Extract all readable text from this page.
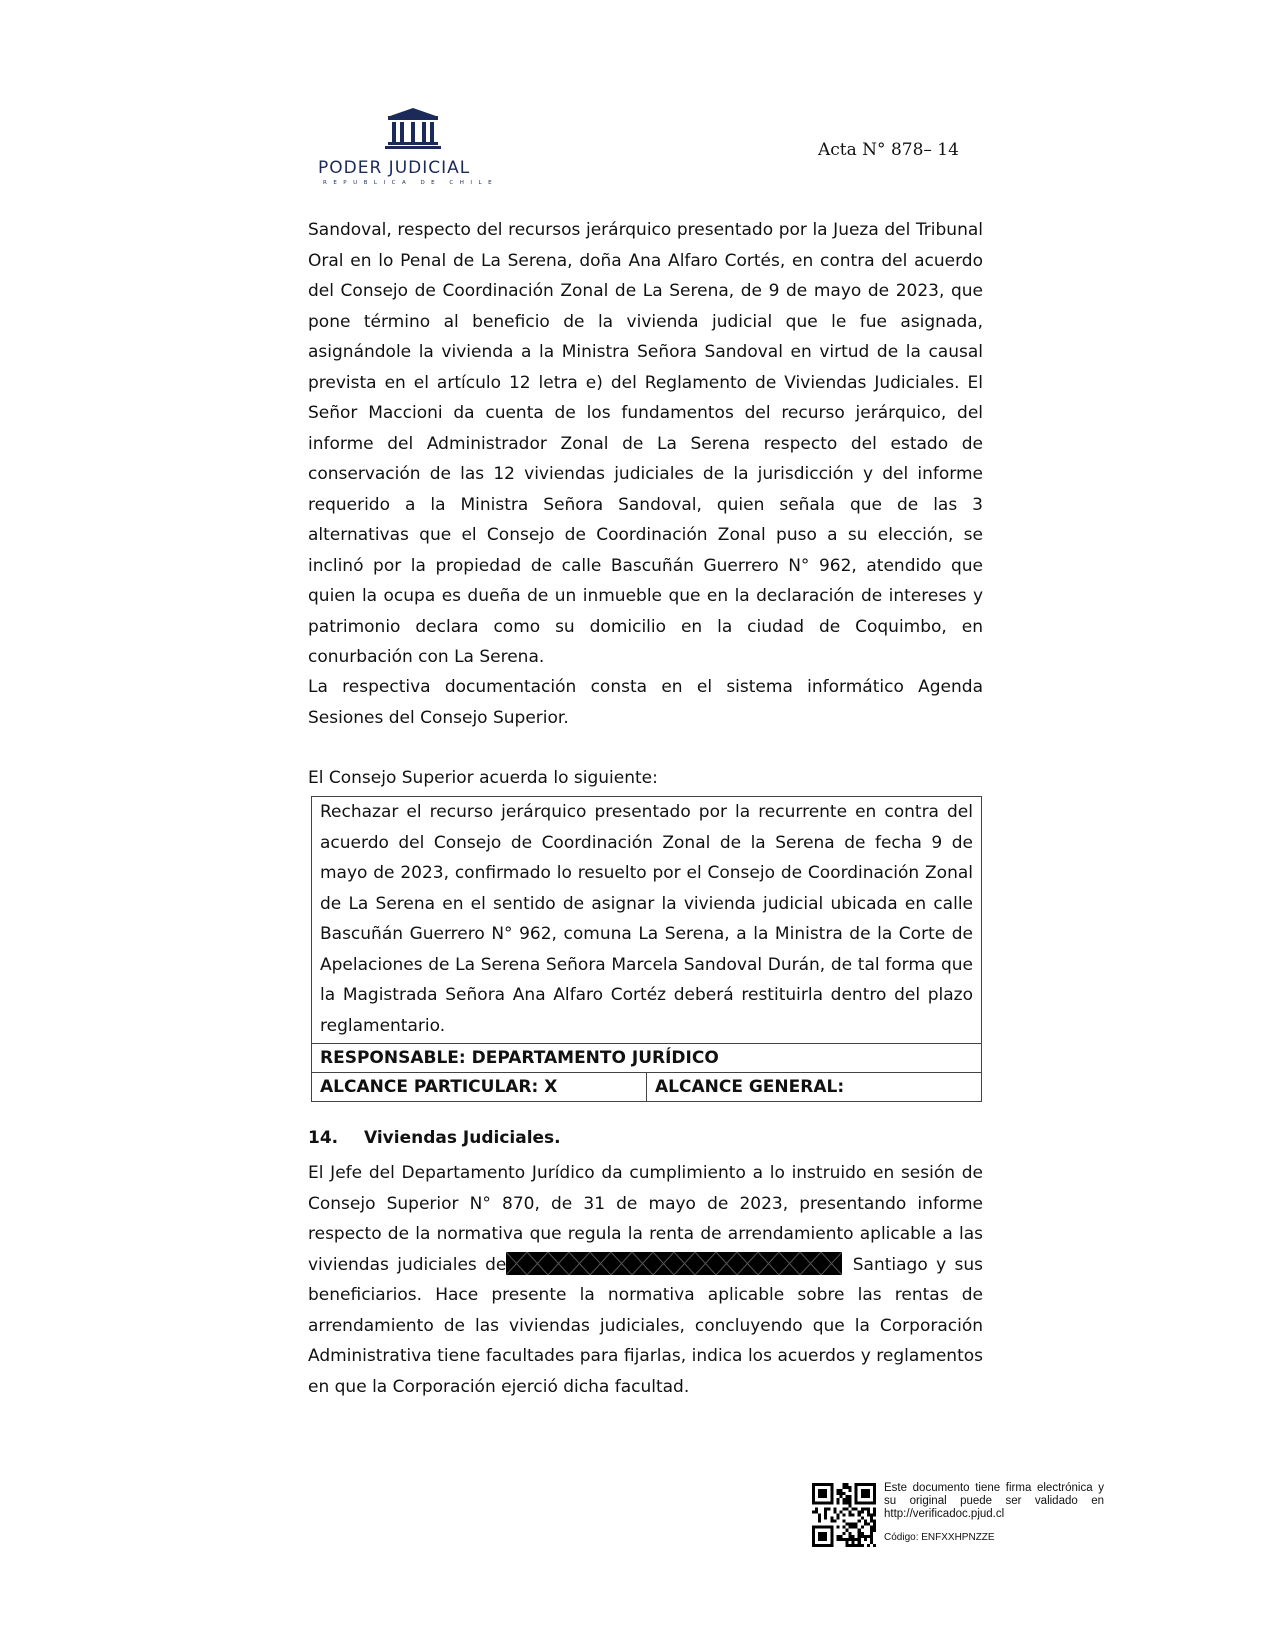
PODER JUDICIAL
REPUBLICA DE CHILE
Acta N° 878– 14

Sandoval, respecto del recursos jerárquico presentado por la Jueza del Tribunal Oral en lo Penal de La Serena, doña Ana Alfaro Cortés, en contra del acuerdo del Consejo de Coordinación Zonal de La Serena, de 9 de mayo de 2023, que pone término al beneficio de la vivienda judicial que le fue asignada, asignándole la vivienda a la Ministra Señora Sandoval en virtud de la causal prevista en el artículo 12 letra e) del Reglamento de Viviendas Judiciales. El Señor Maccioni da cuenta de los fundamentos del recurso jerárquico, del informe del Administrador Zonal de La Serena respecto del estado de conservación de las 12 viviendas judiciales de la jurisdicción y del informe requerido a la Ministra Señora Sandoval, quien señala que de las 3 alternativas que el Consejo de Coordinación Zonal puso a su elección, se inclinó por la propiedad de calle Bascuñán Guerrero N° 962, atendido que quien la ocupa es dueña de un inmueble que en la declaración de intereses y patrimonio declara como su domicilio en la ciudad de Coquimbo, en conurbación con La Serena.

La respectiva documentación consta en el sistema informático Agenda Sesiones del Consejo Superior.

El Consejo Superior acuerda lo siguiente:
Rechazar el recurso jerárquico presentado por la recurrente en contra del acuerdo del Consejo de Coordinación Zonal de la Serena de fecha 9 de mayo de 2023, confirmado lo resuelto por el Consejo de Coordinación Zonal de La Serena en el sentido de asignar la vivienda judicial ubicada en calle Bascuñán Guerrero N° 962, comuna La Serena, a la Ministra de la Corte de Apelaciones de La Serena Señora Marcela Sandoval Durán, de tal forma que la Magistrada Señora Ana Alfaro Cortéz deberá restituirla dentro del plazo reglamentario.
RESPONSABLE: DEPARTAMENTO JURÍDICO
ALCANCE PARTICULAR: X	ALCANCE GENERAL:
14. Viviendas Judiciales.
El Jefe del Departamento Jurídico da cumplimiento a lo instruido en sesión de Consejo Superior N° 870, de 31 de mayo de 2023, presentando informe respecto de la normativa que regula la renta de arrendamiento aplicable a las viviendas judiciales de	Santiago y sus beneficiarios. Hace presente la normativa aplicable sobre las rentas de arrendamiento de las viviendas judiciales, concluyendo que la Corporación Administrativa tiene facultades para fijarlas, indica los acuerdos y reglamentos en que la Corporación ejerció dicha facultad.
Este documento tiene firma electrónica y su original puede ser validado en http://verificadoc.pjud.cl
Código: ENFXXHPNZZE
